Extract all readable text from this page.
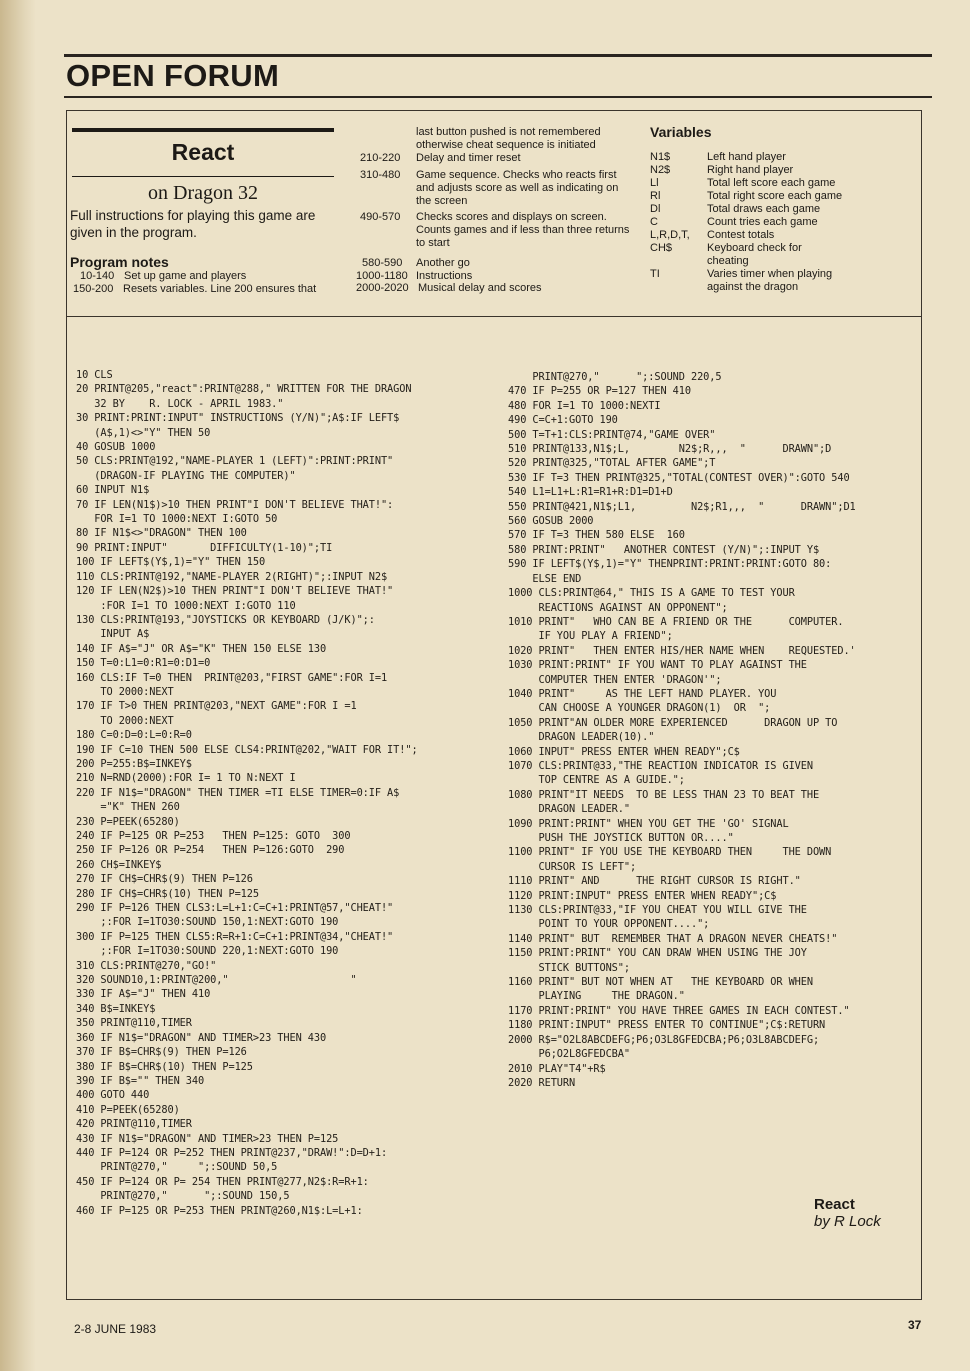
OPEN FORUM
React
on Dragon 32
Full instructions for playing this game are given in the program.
Program notes
10-140 Set up game and players
150-200 Resets variables. Line 200 ensures that
last button pushed is not remembered otherwise cheat sequence is initiated
210-220 Delay and timer reset
310-480 Game sequence. Checks who reacts first and adjusts score as well as indicating on the screen
490-570 Checks scores and displays on screen. Counts games and if less than three returns to start
580-590 Another go
1000-1180 Instructions
2000-2020 Musical delay and scores
Variables
N1$	Left hand player
N2$	Right hand player
Ll	Total left score each game
Rl	Total right score each game
Dl	Total draws each game
C	Count tries each game
L,R,D,T, Contest totals
CH$	Keyboard check for cheating
TI	Varies timer when playing against the dragon
10 CLS
20 PRINT@205,"react":PRINT@288," WRITTEN FOR THE DRAGON
32 BY    R. LOCK - APRIL 1983."
30 PRINT:PRINT:INPUT" INSTRUCTIONS (Y/N)";A$:IF LEFT$
(A$,1)<>"Y" THEN 50
40 GOSUB 1000
50 CLS:PRINT@192,"NAME-PLAYER 1 (LEFT)":PRINT:PRINT"
(DRAGON-IF PLAYING THE COMPUTER)"
60 INPUT N1$
70 IF LEN(N1$)>10 THEN PRINT"I DON'T BELIEVE THAT!":
FOR I=1 TO 1000:NEXT I:GOTO 50
80 IF N1$<>"DRAGON" THEN 100
90 PRINT:INPUT"       DIFFICULTY(1-10)";TI
100 IF LEFT$(Y$,1)="Y" THEN 150
110 CLS:PRINT@192,"NAME-PLAYER 2(RIGHT)";:INPUT N2$
120 IF LEN(N2$)>10 THEN PRINT"I DON'T BELIEVE THAT!"
:FOR I=1 TO 1000:NEXT I:GOTO 110
130 CLS:PRINT@193,"JOYSTICKS OR KEYBOARD (J/K)";:
INPUT A$
140 IF A$="J" OR A$="K" THEN 150 ELSE 130
150 T=0:L1=0:R1=0:D1=0
160 CLS:IF T=0 THEN  PRINT@203,"FIRST GAME":FOR I=1
TO 2000:NEXT
170 IF T>0 THEN PRINT@203,"NEXT GAME":FOR I =1
TO 2000:NEXT
180 C=0:D=0:L=0:R=0
190 IF C=10 THEN 500 ELSE CLS4:PRINT@202,"WAIT FOR IT!";
200 P=255:B$=INKEY$
210 N=RND(2000):FOR I= 1 TO N:NEXT I
220 IF N1$="DRAGON" THEN TIMER =TI ELSE TIMER=0:IF A$
="K" THEN 260
230 P=PEEK(65280)
240 IF P=125 OR P=253   THEN P=125: GOTO  300
250 IF P=126 OR P=254   THEN P=126:GOTO  290
260 CH$=INKEY$
270 IF CH$=CHR$(9) THEN P=126
280 IF CH$=CHR$(10) THEN P=125
290 IF P=126 THEN CLS3:L=L+1:C=C+1:PRINT@57,"CHEAT!"
;:FOR I=1TO30:SOUND 150,1:NEXT:GOTO 190
300 IF P=125 THEN CLS5:R=R+1:C=C+1:PRINT@34,"CHEAT!"
;:FOR I=1TO30:SOUND 220,1:NEXT:GOTO 190
310 CLS:PRINT@270,"GO!"
320 SOUND10,1:PRINT@200,"                    "
330 IF A$="J" THEN 410
340 B$=INKEY$
350 PRINT@110,TIMER
360 IF N1$="DRAGON" AND TIMER>23 THEN 430
370 IF B$=CHR$(9) THEN P=126
380 IF B$=CHR$(10) THEN P=125
390 IF B$="" THEN 340
400 GOTO 440
410 P=PEEK(65280)
420 PRINT@110,TIMER
430 IF N1$="DRAGON" AND TIMER>23 THEN P=125
440 IF P=124 OR P=252 THEN PRINT@237,"DRAW!":D=D+1:
PRINT@270,"     ";:SOUND 50,5
450 IF P=124 OR P= 254 THEN PRINT@277,N2$:R=R+1:
PRINT@270,"      ";:SOUND 150,5
460 IF P=125 OR P=253 THEN PRINT@260,N1$:L=L+1:
PRINT@270,"      ";:SOUND 220,5
470 IF P=255 OR P=127 THEN 410
480 FOR I=1 TO 1000:NEXTI
490 C=C+1:GOTO 190
500 T=T+1:CLS:PRINT@74,"GAME OVER"
510 PRINT@133,N1$;L,        N2$;R,,,  "      DRAWN";D
520 PRINT@325,"TOTAL AFTER GAME";T
530 IF T=3 THEN PRINT@325,"TOTAL(CONTEST OVER)":GOTO 540
540 L1=L1+L:R1=R1+R:D1=D1+D
550 PRINT@421,N1$;L1,         N2$;R1,,,  "      DRAWN";D1
560 GOSUB 2000
570 IF T=3 THEN 580 ELSE  160
580 PRINT:PRINT"   ANOTHER CONTEST (Y/N)";:INPUT Y$
590 IF LEFT$(Y$,1)="Y" THENPRINT:PRINT:PRINT:GOTO 80:
ELSE END
1000 CLS:PRINT@64," THIS IS A GAME TO TEST YOUR
REACTIONS AGAINST AN OPPONENT";
1010 PRINT"   WHO CAN BE A FRIEND OR THE      COMPUTER.
IF YOU PLAY A FRIEND";
1020 PRINT"   THEN ENTER HIS/HER NAME WHEN    REQUESTED.'
1030 PRINT:PRINT" IF YOU WANT TO PLAY AGAINST THE
COMPUTER THEN ENTER 'DRAGON'";
1040 PRINT"     AS THE LEFT HAND PLAYER. YOU
CAN CHOOSE A YOUNGER DRAGON(1)  OR  ";
1050 PRINT"AN OLDER MORE EXPERIENCED      DRAGON UP TO
DRAGON LEADER(10)."
1060 INPUT" PRESS ENTER WHEN READY";C$
1070 CLS:PRINT@33,"THE REACTION INDICATOR IS GIVEN
TOP CENTRE AS A GUIDE.";
1080 PRINT"IT NEEDS  TO BE LESS THAN 23 TO BEAT THE
DRAGON LEADER."
1090 PRINT:PRINT" WHEN YOU GET THE 'GO' SIGNAL
PUSH THE JOYSTICK BUTTON OR...."
1100 PRINT" IF YOU USE THE KEYBOARD THEN     THE DOWN
CURSOR IS LEFT";
1110 PRINT" AND      THE RIGHT CURSOR IS RIGHT."
1120 PRINT:INPUT" PRESS ENTER WHEN READY";C$
1130 CLS:PRINT@33,"IF YOU CHEAT YOU WILL GIVE THE
POINT TO YOUR OPPONENT....";
1140 PRINT" BUT  REMEMBER THAT A DRAGON NEVER CHEATS!"
1150 PRINT:PRINT" YOU CAN DRAW WHEN USING THE JOY
STICK BUTTONS";
1160 PRINT" BUT NOT WHEN AT   THE KEYBOARD OR WHEN
PLAYING     THE DRAGON."
1170 PRINT:PRINT" YOU HAVE THREE GAMES IN EACH CONTEST."
1180 PRINT:INPUT" PRESS ENTER TO CONTINUE";C$:RETURN
2000 R$="O2L8ABCDEFG;P6;O3L8GFEDCBA;P6;O3L8ABCDEFG;
P6;O2L8GFEDCBA"
2010 PLAY"T4"+R$
2020 RETURN
React
by R Lock
2-8 JUNE 1983	37
